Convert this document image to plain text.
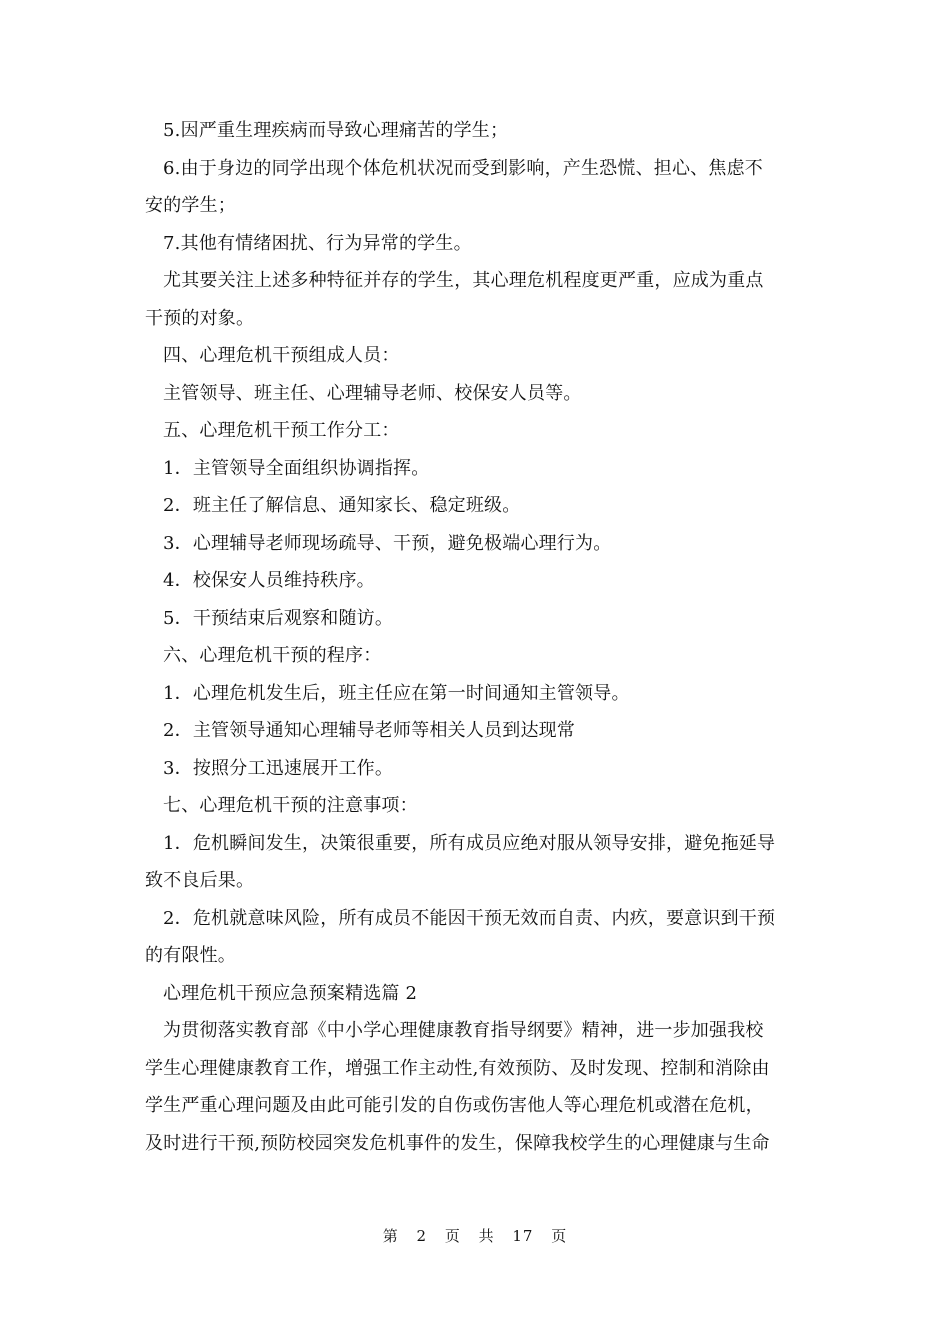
5.因严重生理疾病而导致心理痛苦的学生；
6.由于身边的同学出现个体危机状况而受到影响，产生恐慌、担心、焦虑不
安的学生；
7.其他有情绪困扰、行为异常的学生。
尤其要关注上述多种特征并存的学生，其心理危机程度更严重，应成为重点
干预的对象。
四、心理危机干预组成人员：
主管领导、班主任、心理辅导老师、校保安人员等。
五、心理危机干预工作分工：
1．主管领导全面组织协调指挥。
2．班主任了解信息、通知家长、稳定班级。
3．心理辅导老师现场疏导、干预，避免极端心理行为。
4．校保安人员维持秩序。
5．干预结束后观察和随访。
六、心理危机干预的程序：
1．心理危机发生后，班主任应在第一时间通知主管领导。
2．主管领导通知心理辅导老师等相关人员到达现常
3．按照分工迅速展开工作。
七、心理危机干预的注意事项：
1．危机瞬间发生，决策很重要，所有成员应绝对服从领导安排，避免拖延导
致不良后果。
2．危机就意味风险，所有成员不能因干预无效而自责、内疚，要意识到干预
的有限性。
心理危机干预应急预案精选篇 2
为贯彻落实教育部《中小学心理健康教育指导纲要》精神，进一步加强我校
学生心理健康教育工作，增强工作主动性,有效预防、及时发现、控制和消除由
学生严重心理问题及由此可能引发的自伤或伤害他人等心理危机或潜在危机，
及时进行干预,预防校园突发危机事件的发生，保障我校学生的心理健康与生命
第 2 页 共 17 页
